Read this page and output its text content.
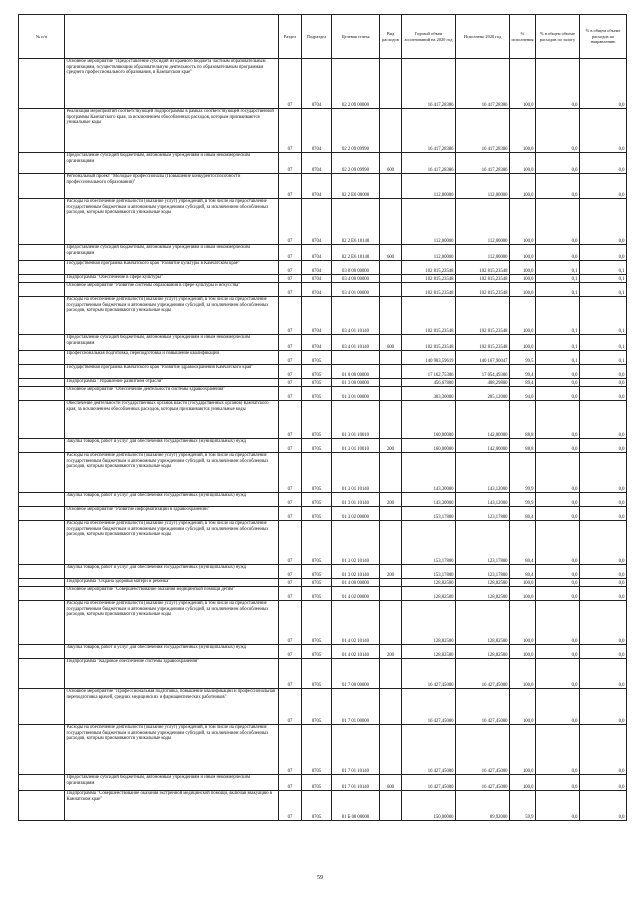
№ п/п		Раздел	Подраздел	Целевая статья	Вид расходов	Годовой объем ассигнований на 2020 год	Исполнено 2020 год	% исполнения	% в общем объеме расходов по залогу	% в общем объеме расходов по направлению
	Основное мероприятие "Предоставление субсидий из краевого бюджета частным образовательным организациям, осуществляющим образовательную деятельность по образовательным программам среднего профессионального образования, в Камчатском крае"	07	0704	02 2 09 00000		16 417,28386	16 417,28386	100,0	0,0	0,0
	Реализация мероприятий соответствующей подпрограммы в рамках соответствующей государственной программы Камчатского края, за исключением обособленных расходов, которым присваиваются уникальные коды	07	0704	02 2 09 09990		16 417,28386	16 417,28386	100,0	0,0	0,0
	Предоставление субсидий бюджетным, автономным учреждениям и иным некоммерческим организациям	07	0704	02 2 09 09990	600	16 417,28386	16 417,28386	100,0	0,0	0,0
	Региональный проект "Молодые профессионалы (Повышение конкурентоспособности профессионального образования)"	07	0704	02 2 Е6 00000		112,00000	112,00000	100,0	0,0	0,0
	Расходы на обеспечение деятельности (оказание услуг) учреждений, в том числе на предоставление государственным бюджетным и автономным учреждениям субсидий, за исключением обособленных расходов, которым присваиваются уникальные коды	07	0704	02 2 Е6 10140		112,00000	112,00000	100,0	0,0	0,0
	Предоставление субсидий бюджетным, автономным учреждениям и иным некоммерческим организациям	07	0704	02 2 Е6 10140	600	112,00000	112,00000	100,0	0,0	0,0
	Государственная программа Камчатского края "Развитие культуры в Камчатском крае"	07	0704	03 0 00 00000		102 815,23548	102 815,23548	100,0	0,1	0,1
	Подпрограмма "Обеспечение в сфере культуры"	07	0704	03 4 00 00000		102 815,23548	102 815,23548	100,0	0,1	0,1
	Основное мероприятие "Развитие системы образования в сфере культуры и искусства"	07	0704	03 4 01 00000		102 815,23548	102 815,23548	100,0	0,1	0,1
	Расходы на обеспечение деятельности (оказание услуг) учреждений, в том числе на предоставление государственным бюджетным и автономным учреждениям субсидий, за исключением обособленных расходов, которым присваиваются уникальные коды	07	0704	03 4 01 10140		102 815,23548	102 815,23548	100,0	0,1	0,1
	Предоставление субсидий бюджетным, автономным учреждениям и иным некоммерческим организациям	07	0704	03 4 01 10140	600	102 815,23548	102 815,23548	100,0	0,1	0,1
	Профессиональная подготовка, переподготовка и повышение квалификации	07	0705			140 903,59619	140 167,90047	99,5	0,1	0,1
	Государственная программа Камчатского края "Развитие здравоохранения Камчатского края"	07	0705	01 0 00 00000		17 162,75306	17 054,49306	99,4	0,0	0,0
	Подпрограмма "Управление развитием отрасли"	07	0705	01 3 00 00000		456,67800	408,29800	89,4	0,0	0,0
	Основное мероприятие "Обеспечение деятельности системы здравоохранения"	07	0705	01 3 01 00000		303,30000	285,12000	94,0	0,0	0,0
	Обеспечение деятельности государственных органов власти (государственных органов) Камчатского края, за исключением обособленных расходов, которым присваиваются уникальные коды	07	0705	01 3 01 10010		160,00000	142,00000	88,8	0,0	0,0
	Закупка товаров, работ и услуг для обеспечения государственных (муниципальных) нужд	07	0705	01 3 01 10010	200	160,00000	142,00000	88,8	0,0	0,0
	Расходы на обеспечение деятельности (оказание услуг) учреждений, в том числе на предоставление государственным бюджетным и автономным учреждениям субсидий, за исключением обособленных расходов, которым присваиваются уникальные коды	07	0705	01 3 01 10140		143,30000	143,12000	99,9	0,0	0,0
	Закупка товаров, работ и услуг для обеспечения государственных (муниципальных) нужд	07	0705	01 3 01 10140	200	143,30000	143,12000	99,9	0,0	0,0
	Основное мероприятие "Развитие информатизации в здравоохранении"	07	0705	01 3 02 00000		153,17800	123,17800	80,4	0,0	0,0
	Расходы на обеспечение деятельности (оказание услуг) учреждений, в том числе на предоставление государственным бюджетным и автономным учреждениям субсидий, за исключением обособленных расходов, которым присваиваются уникальные коды	07	0705	01 3 02 10140		153,17800	123,17800	80,4	0,0	0,0
	Закупка товаров, работ и услуг для обеспечения государственных (муниципальных) нужд	07	0705	01 3 02 10140	200	153,17800	123,17800	80,4	0,0	0,0
	Подпрограмма "Охрана здоровья матери и ребенка"	07	0705	01 4 00 00000		128,82500	128,82500	100,0	0,0	0,0
	Основное мероприятие "Совершенствование оказания медицинской помощи детям"	07	0705	01 4 02 00000		128,82500	128,82500	100,0	0,0	0,0
	Расходы на обеспечение деятельности (оказание услуг) учреждений, в том числе на предоставление государственным бюджетным и автономным учреждениям субсидий, за исключением обособленных расходов, которым присваиваются уникальные коды	07	0705	01 4 02 10140		128,82500	128,82500	100,0	0,0	0,0
	Закупка товаров, работ и услуг для обеспечения государственных (муниципальных) нужд	07	0705	01 4 02 10140	200	128,82500	128,82500	100,0	0,0	0,0
	Подпрограмма "Кадровое обеспечение системы здравоохранения"	07	0705	01 7 00 00000		16 427,45000	16 427,45000	100,0	0,0	0,0
	Основное мероприятие "Профессиональная подготовка, повышение квалификации и профессиональная переподготовка врачей, средних медицинских и фармацевтических работников"	07	0705	01 7 01 00000		16 427,45000	16 427,45000	100,0	0,0	0,0
	Расходы на обеспечение деятельности (оказание услуг) учреждений, в том числе на предоставление государственным бюджетным и автономным учреждениям субсидий, за исключением обособленных расходов, которым присваиваются уникальные коды	07	0705	01 7 01 10140		16 427,45000	16 427,45000	100,0	0,0	0,0
	Предоставление субсидий бюджетным, автономным учреждениям и иным некоммерческим организациям	07	0705	01 7 01 10140	600	16 427,45000	16 427,45000	100,0	0,0	0,0
	Подпрограмма "Совершенствование оказания экстренной медицинской помощи, включая эвакуацию в Камчатском крае"	07	0705	01 Б 00 00000		150,00000	89,92000	59,9	0,0	0,0
59
